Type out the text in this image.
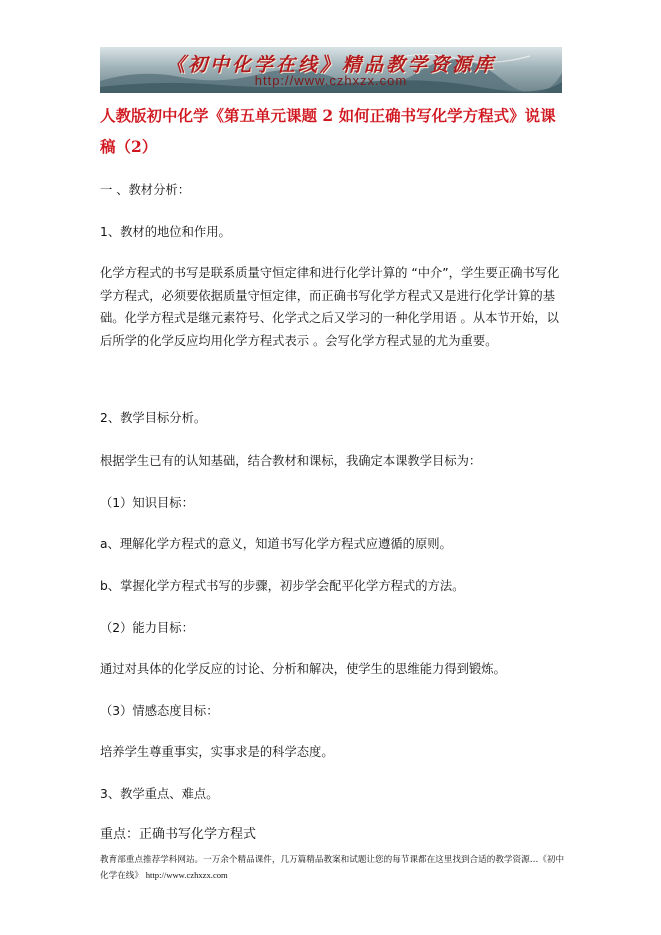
《初中化学在线》精品教学资源库
http://www.czhxzx.com
人教版初中化学《第五单元课题 2 如何正确书写化学方程式》说课稿（2）

一 、教材分析：

1、教材的地位和作用。

化学方程式的书写是联系质量守恒定律和进行化学计算的 “中介”，学生要正确书写化学方程式，必须要依据质量守恒定律，而正确书写化学方程式又是进行化学计算的基础。化学方程式是继元素符号、化学式之后又学习的一种化学用语 。从本节开始，以后所学的化学反应均用化学方程式表示 。会写化学方程式显的尤为重要。

2、教学目标分析。

根据学生已有的认知基础，结合教材和课标，我确定本课教学目标为：

（1）知识目标：

a、理解化学方程式的意义，知道书写化学方程式应遵循的原则。

b、掌握化学方程式书写的步骤，初步学会配平化学方程式的方法。

（2）能力目标：

通过对具体的化学反应的讨论、分析和解决，使学生的思维能力得到锻炼。

（3）情感态度目标：

培养学生尊重事实，实事求是的科学态度。

3、教学重点、难点。

重点：正确书写化学方程式

教育部重点推荐学科网站。一万余个精品课件，几万篇精品教案和试题让您的每节课都在这里找到合适的教学资源…《初中化学在线》 http://www.czhxzx.com
